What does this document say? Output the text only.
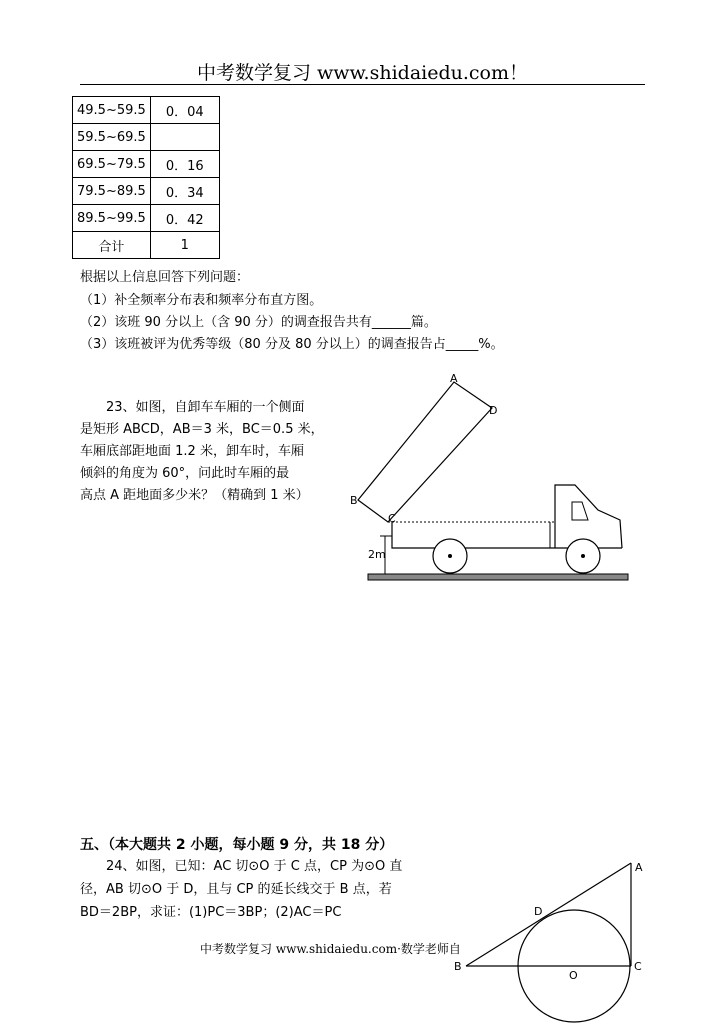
中考数学复习 www.shidaiedu.com！
49.5~59.5	0．04
59.5~69.5	
69.5~79.5	0．16
79.5~89.5	0．34
89.5~99.5	0．42
合计	1
根据以上信息回答下列问题：
（1）补全频率分布表和频率分布直方图。
（2）该班 90 分以上（含 90 分）的调查报告共有______篇。
（3）该班被评为优秀等级（80 分及 80 分以上）的调查报告占_____%。
23、如图，自卸车车厢的一个侧面
是矩形 ABCD，AB＝3 米，BC＝0.5 米，
车厢底部距地面 1.2 米，卸车时，车厢
倾斜的角度为 60°，问此时车厢的最
高点 A 距地面多少米？（精确到 1 米）
A
D
B
C
2m
五、（本大题共 2 小题，每小题 9 分，共 18 分）
24、如图，已知：AC 切⊙O 于 C 点，CP 为⊙O 直
径，AB 切⊙O 于 D，且与 CP 的延长线交于 B 点，若
BD＝2BP，求证：(1)PC＝3BP；(2)AC＝PC
中考数学复习 www.shidaiedu.com·数学老师自
A
D
B
O
C
